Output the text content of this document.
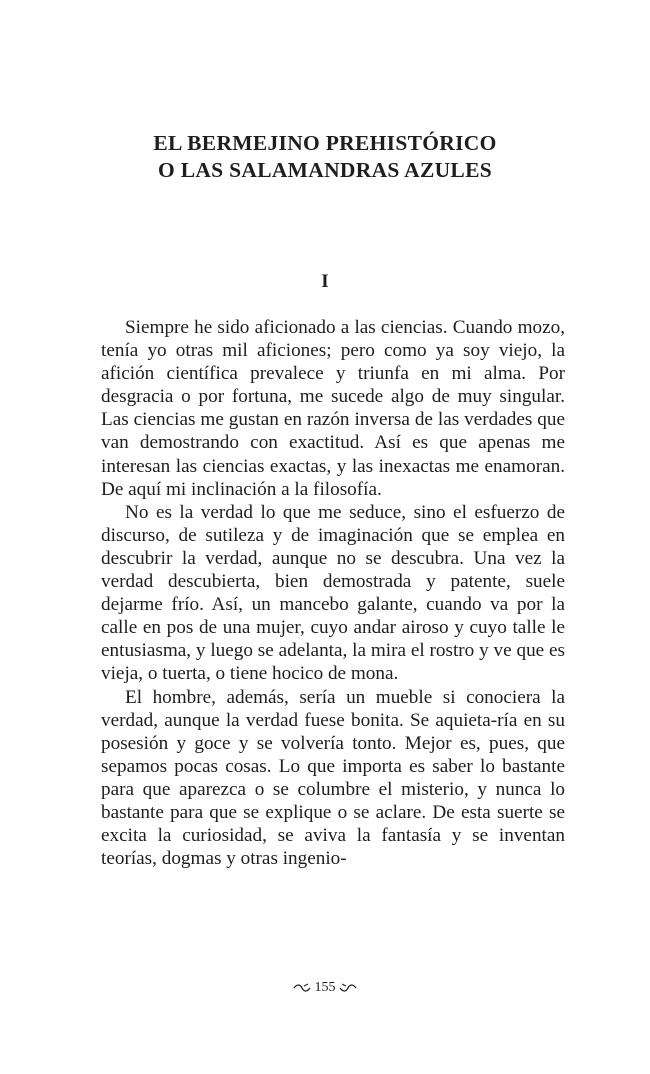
EL BERMEJINO PREHISTÓRICO
O LAS SALAMANDRAS AZULES
I

Siempre he sido aficionado a las ciencias. Cuando mozo, tenía yo otras mil aficiones; pero como ya soy viejo, la afición científica prevalece y triunfa en mi alma. Por desgracia o por fortuna, me sucede algo de muy singular. Las ciencias me gustan en razón inversa de las verdades que van demostrando con exactitud. Así es que apenas me interesan las ciencias exactas, y las inexactas me enamoran. De aquí mi inclinación a la filosofía.

No es la verdad lo que me seduce, sino el esfuerzo de discurso, de sutileza y de imaginación que se emplea en descubrir la verdad, aunque no se descubra. Una vez la verdad descubierta, bien demostrada y patente, suele dejarme frío. Así, un mancebo galante, cuando va por la calle en pos de una mujer, cuyo andar airoso y cuyo talle le entusiasma, y luego se adelanta, la mira el rostro y ve que es vieja, o tuerta, o tiene hocico de mona.

El hombre, además, sería un mueble si conociera la verdad, aunque la verdad fuese bonita. Se aquieta-ría en su posesión y goce y se volvería tonto. Mejor es, pues, que sepamos pocas cosas. Lo que importa es saber lo bastante para que aparezca o se columbre el misterio, y nunca lo bastante para que se explique o se aclare. De esta suerte se excita la curiosidad, se aviva la fantasía y se inventan teorías, dogmas y otras ingenio-

155
